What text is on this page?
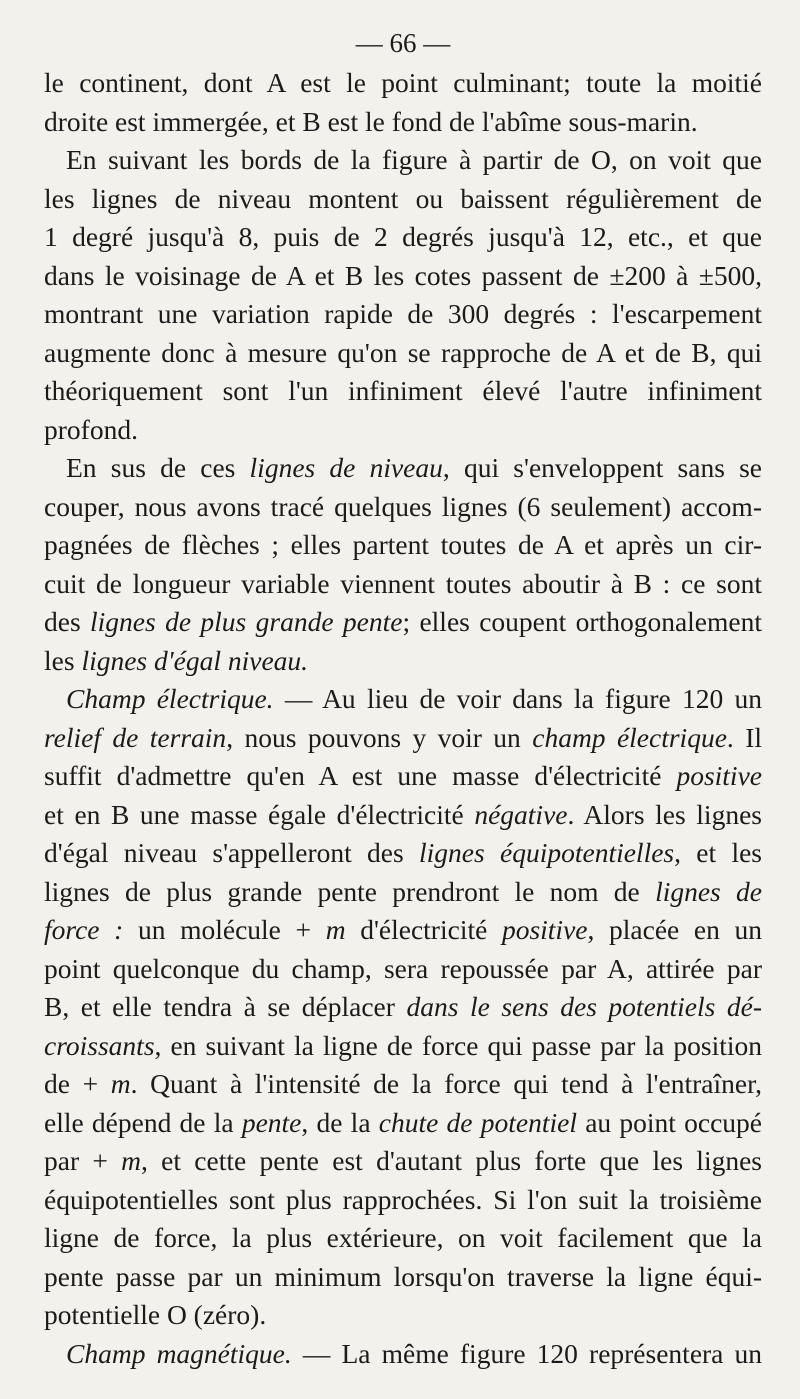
— 66 —
le continent, dont A est le point culminant; toute la moitié
droite est immergée, et B est le fond de l'abîme sous-marin.
En suivant les bords de la figure à partir de O, on voit que
les lignes de niveau montent ou baissent régulièrement de
1 degré jusqu'à 8, puis de 2 degrés jusqu'à 12, etc., et que
dans le voisinage de A et B les cotes passent de ±200 à ±500,
montrant une variation rapide de 300 degrés : l'escarpement
augmente donc à mesure qu'on se rapproche de A et de B, qui
théoriquement sont l'un infiniment élevé l'autre infiniment
profond.
En sus de ces lignes de niveau, qui s'enveloppent sans se
couper, nous avons tracé quelques lignes (6 seulement) accom-
pagnées de flèches ; elles partent toutes de A et après un cir-
cuit de longueur variable viennent toutes aboutir à B : ce sont
des lignes de plus grande pente; elles coupent orthogonalement
les lignes d'égal niveau.
Champ électrique. — Au lieu de voir dans la figure 120 un
relief de terrain, nous pouvons y voir un champ électrique. Il
suffit d'admettre qu'en A est une masse d'électricité positive
et en B une masse égale d'électricité négative. Alors les lignes
d'égal niveau s'appelleront des lignes équipotentielles, et les
lignes de plus grande pente prendront le nom de lignes de
force : un molécule + m d'électricité positive, placée en un
point quelconque du champ, sera repoussée par A, attirée par
B, et elle tendra à se déplacer dans le sens des potentiels dé-
croissants, en suivant la ligne de force qui passe par la position
de + m. Quant à l'intensité de la force qui tend à l'entraîner,
elle dépend de la pente, de la chute de potentiel au point occupé
par + m, et cette pente est d'autant plus forte que les lignes
équipotentielles sont plus rapprochées. Si l'on suit la troisième
ligne de force, la plus extérieure, on voit facilement que la
pente passe par un minimum lorsqu'on traverse la ligne équi-
potentielle O (zéro).
Champ magnétique. — La même figure 120 représentera un
